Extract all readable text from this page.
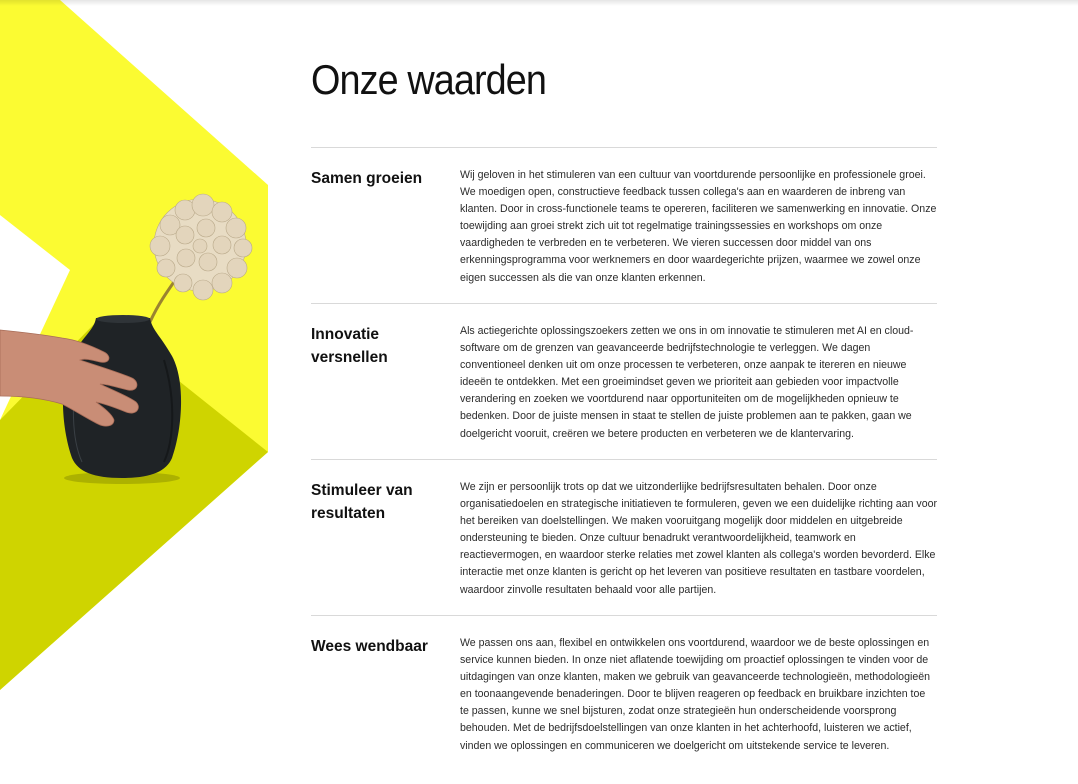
Onze waarden
Samen groeien	Wij geloven in het stimuleren van een cultuur van voortdurende persoonlijke en professionele groei. We moedigen open, constructieve feedback tussen collega's aan en waarderen de inbreng van klanten. Door in cross-functionele teams te opereren, faciliteren we samenwerking en innovatie. Onze toewijding aan groei strekt zich uit tot regelmatige trainingssessies en workshops om onze vaardigheden te verbreden en te verbeteren. We vieren successen door middel van ons erkenningsprogramma voor werknemers en door waardegerichte prijzen, waarmee we zowel onze eigen successen als die van onze klanten erkennen.

Innovatie versnellen

Als actiegerichte oplossingszoekers zetten we ons in om innovatie te stimuleren met AI en cloud-software om de grenzen van geavanceerde bedrijfstechnologie te verleggen. We dagen conventioneel denken uit om onze processen te verbeteren, onze aanpak te itereren en nieuwe ideeën te ontdekken. Met een groeimindset geven we prioriteit aan gebieden voor impactvolle verandering en zoeken we voortdurend naar opportuniteiten om de mogelijkheden opnieuw te bedenken. Door de juiste mensen in staat te stellen de juiste problemen aan te pakken, gaan we doelgericht vooruit, creëren we betere producten en verbeteren we de klantervaring.

Stimuleer van resultaten

We zijn er persoonlijk trots op dat we uitzonderlijke bedrijfsresultaten behalen. Door onze organisatiedoelen en strategische initiatieven te formuleren, geven we een duidelijke richting aan voor het bereiken van doelstellingen. We maken vooruitgang mogelijk door middelen en uitgebreide ondersteuning te bieden. Onze cultuur benadrukt verantwoordelijkheid, teamwork en reactievermogen, en waardoor sterke relaties met zowel klanten als collega's worden bevorderd. Elke interactie met onze klanten is gericht op het leveren van positieve resultaten en tastbare voordelen, waardoor zinvolle resultaten behaald voor alle partijen.

Wees wendbaar	We passen ons aan, flexibel en ontwikkelen ons voortdurend, waardoor we de beste oplossingen en service kunnen bieden. In onze niet aflatende toewijding om proactief oplossingen te vinden voor de uitdagingen van onze klanten, maken we gebruik van geavanceerde technologieën, methodologieën en toonaangevende benaderingen. Door te blijven reageren op feedback en bruikbare inzichten toe te passen, kunne we snel bijsturen, zodat onze strategieën hun onderscheidende voorsprong behouden. Met de bedrijfsdoelstellingen van onze klanten in het achterhoofd, luisteren we actief, vinden we oplossingen en communiceren we doelgericht om uitstekende service te leveren.
